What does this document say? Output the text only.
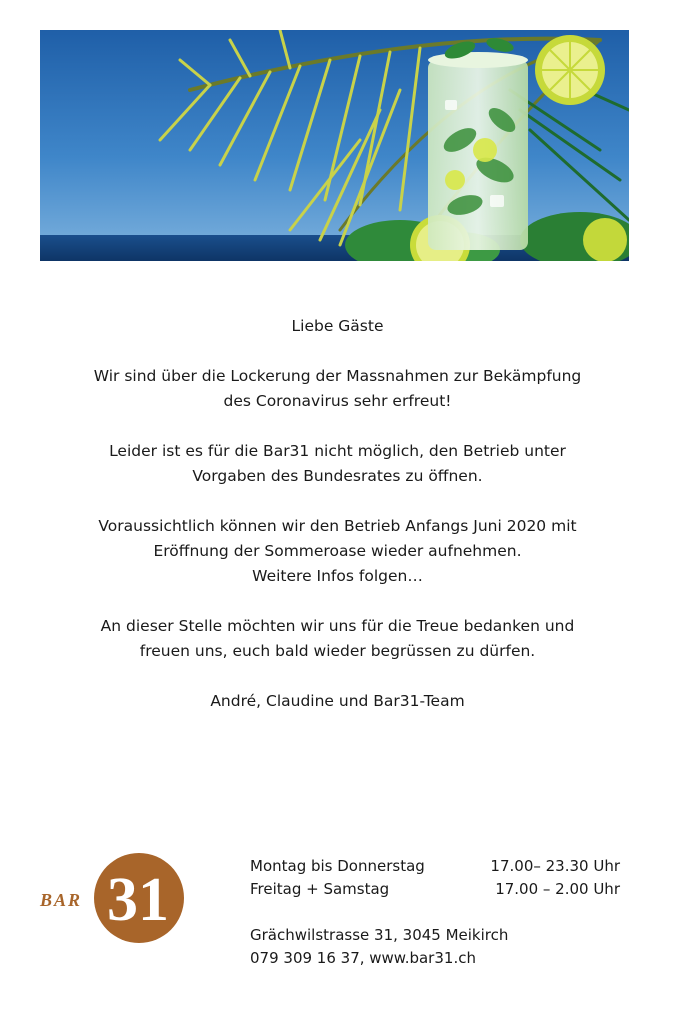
Liebe Gäste

Wir sind über die Lockerung der Massnahmen zur Bekämpfung
des Coronavirus sehr erfreut!

Leider ist es für die Bar31 nicht möglich, den Betrieb unter
Vorgaben des Bundesrates zu öffnen.

Voraussichtlich können wir den Betrieb Anfangs Juni 2020 mit
Eröffnung der Sommeroase wieder aufnehmen.
Weitere Infos folgen…

An dieser Stelle möchten wir uns für die Treue bedanken und
freuen uns, euch bald wieder begrüssen zu dürfen.

André, Claudine und Bar31-Team

BAR 31	Montag bis Donnerstag	17.00– 23.30 Uhr
Freitag + Samstag	17.00 – 2.00 Uhr
Grächwilstrasse 31, 3045 Meikirch
079 309 16 37, www.bar31.ch
